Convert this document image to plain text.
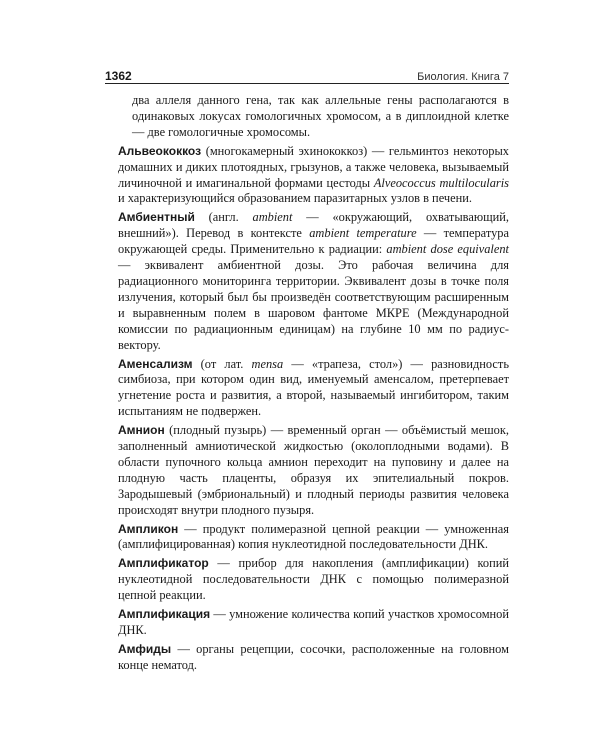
1362	Биология. Книга 7

два аллеля данного гена, так как аллельные гены располагаются в одинаковых локусах гомологичных хромосом, а в диплоидной клетке — две гомологичные хромосомы.

Альвеококкоз (многокамерный эхинококкоз) — гельминтоз некоторых домашних и диких плотоядных, грызунов, а также человека, вызываемый личиночной и имагинальной формами цестоды Alveococcus multilocularis и характеризующийся образованием паразитарных узлов в печени.

Амбиентный (англ. ambient — «окружающий, охватывающий, внешний»). Перевод в контексте ambient temperature — температура окружающей среды. Применительно к радиации: ambient dose equivalent — эквивалент амбиентной дозы. Это рабочая величина для радиационного мониторинга территории. Эквивалент дозы в точке поля излучения, который был бы произведён соответствующим расширенным и выравненным полем в шаровом фантоме МКРЕ (Международной комиссии по радиационным единицам) на глубине 10 мм по радиус-вектору.

Аменсализм (от лат. mensa — «трапеза, стол») — разновидность симбиоза, при котором один вид, именуемый аменсалом, претерпевает угнетение роста и развития, а второй, называемый ингибитором, таким испытаниям не подвержен.

Амнион (плодный пузырь) — временный орган — объёмистый мешок, заполненный амниотической жидкостью (околоплодными водами). В области пупочного кольца амнион переходит на пуповину и далее на плодную часть плаценты, образуя их эпителиальный покров. Зародышевый (эмбриональный) и плодный периоды развития человека происходят внутри плодного пузыря.

Ампликон — продукт полимеразной цепной реакции — умноженная (амплифицированная) копия нуклеотидной последовательности ДНК.

Амплификатор — прибор для накопления (амплификации) копий нуклеотидной последовательности ДНК с помощью полимеразной цепной реакции.

Амплификация — умножение количества копий участков хромосомной ДНК.

Амфиды — органы рецепции, сосочки, расположенные на головном конце нематод.
